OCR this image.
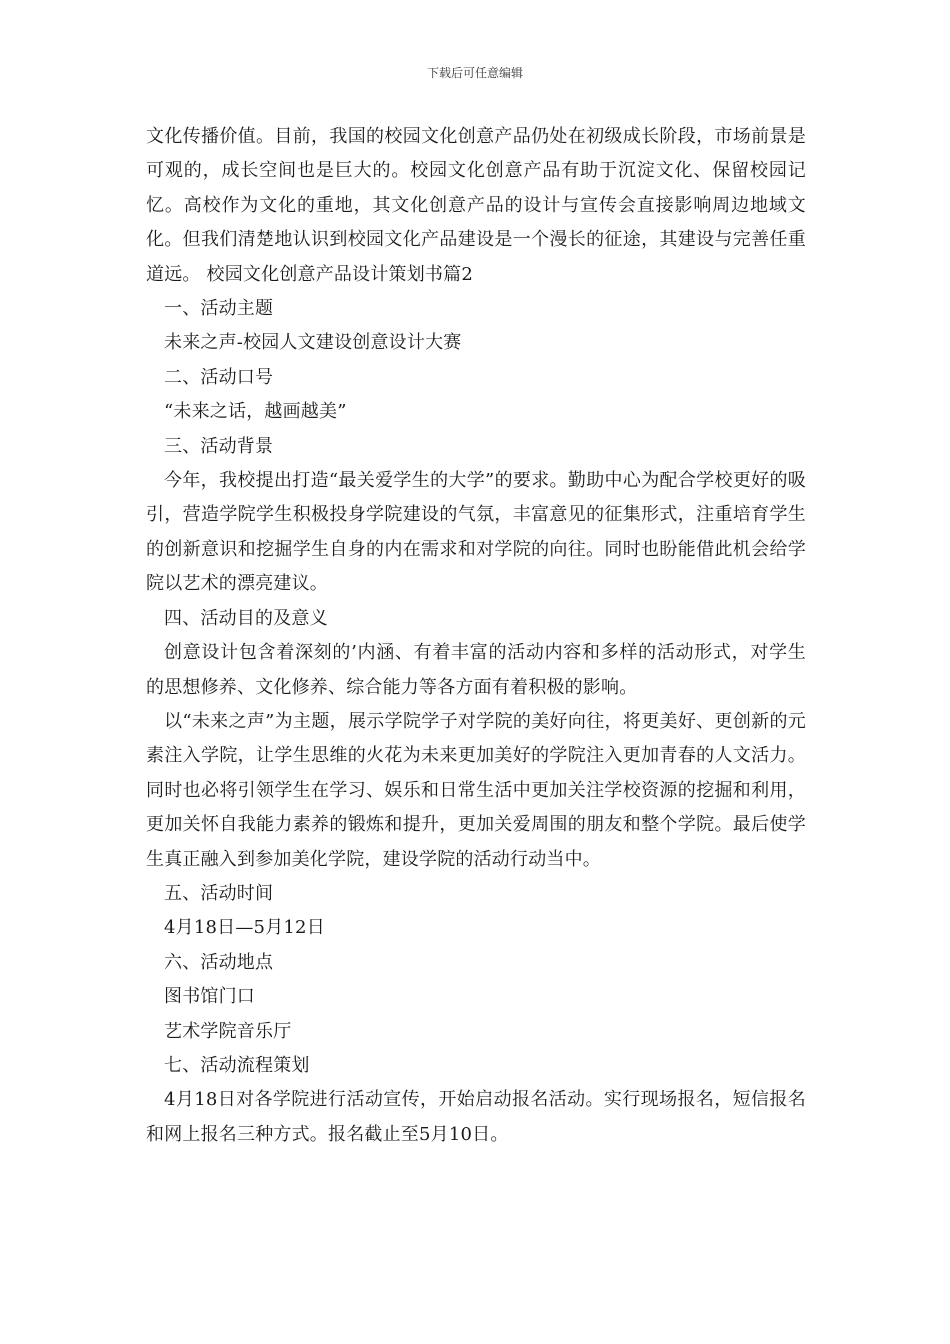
下载后可任意编辑

文化传播价值。目前，我国的校园文化创意产品仍处在初级成长阶段，市场前景是可观的，成长空间也是巨大的。校园文化创意产品有助于沉淀文化、保留校园记忆。高校作为文化的重地，其文化创意产品的设计与宣传会直接影响周边地域文化。但我们清楚地认识到校园文化产品建设是一个漫长的征途，其建设与完善任重道远。 校园文化创意产品设计策划书篇2

一、活动主题

未来之声-校园人文建设创意设计大赛

二、活动口号

“未来之话，越画越美”

三、活动背景

今年，我校提出打造“最关爱学生的大学”的要求。勤助中心为配合学校更好的吸引，营造学院学生积极投身学院建设的气氛，丰富意见的征集形式，注重培育学生的创新意识和挖掘学生自身的内在需求和对学院的向往。同时也盼能借此机会给学院以艺术的漂亮建议。

四、活动目的及意义

创意设计包含着深刻的’内涵、有着丰富的活动内容和多样的活动形式，对学生的思想修养、文化修养、综合能力等各方面有着积极的影响。

以“未来之声”为主题，展示学院学子对学院的美好向往，将更美好、更创新的元素注入学院，让学生思维的火花为未来更加美好的学院注入更加青春的人文活力。同时也必将引领学生在学习、娱乐和日常生活中更加关注学校资源的挖掘和利用，更加关怀自我能力素养的锻炼和提升，更加关爱周围的朋友和整个学院。最后使学生真正融入到参加美化学院，建设学院的活动行动当中。

五、活动时间

4月18日—5月12日

六、活动地点

图书馆门口

艺术学院音乐厅

七、活动流程策划

4月18日对各学院进行活动宣传，开始启动报名活动。实行现场报名，短信报名和网上报名三种方式。报名截止至5月10日。
